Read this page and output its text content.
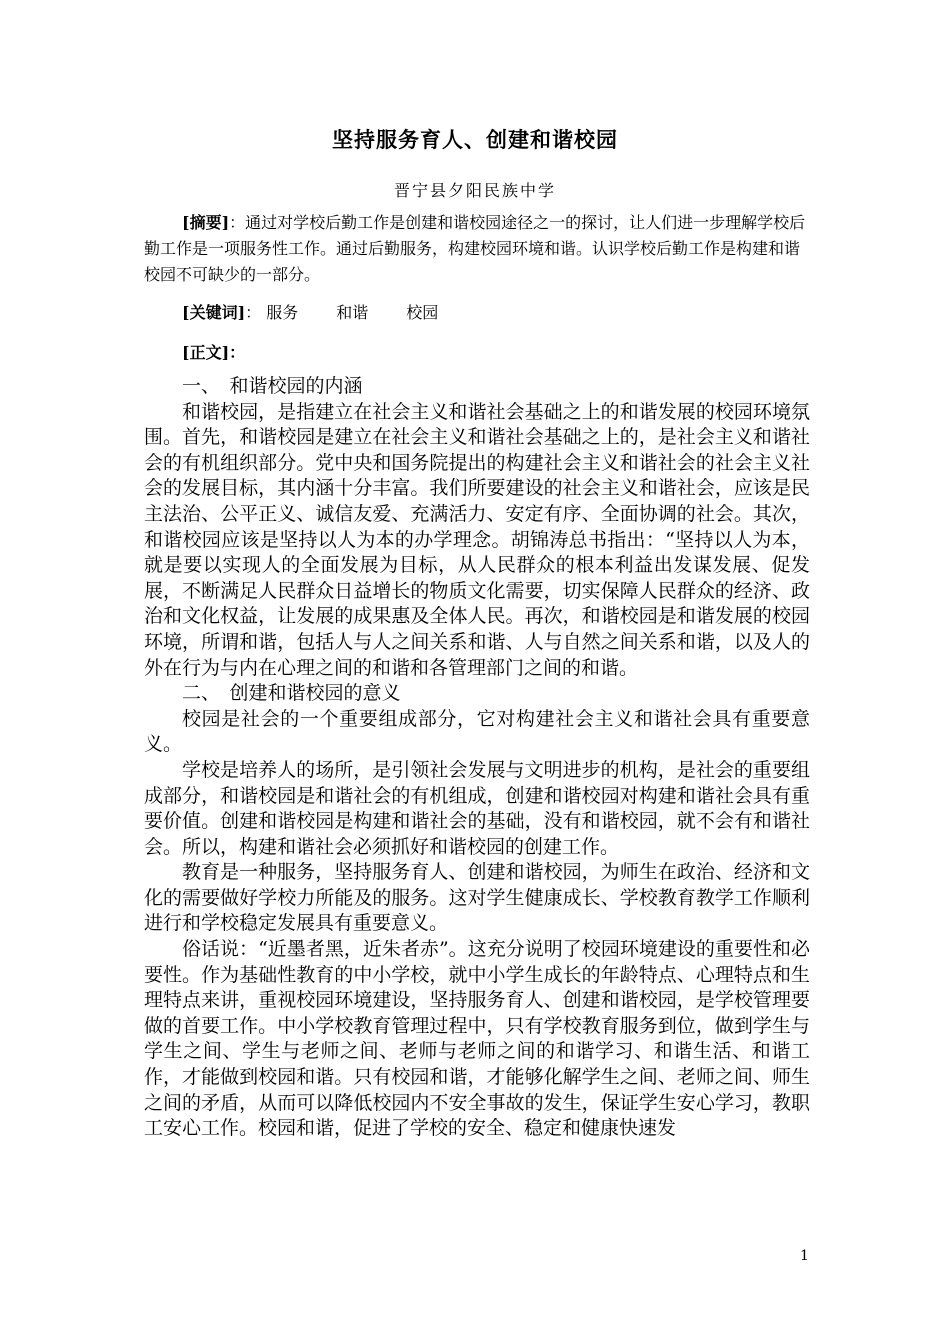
坚持服务育人、创建和谐校园
晋宁县夕阳民族中学
[摘要]：通过对学校后勤工作是创建和谐校园途径之一的探讨，让人们进一步理解学校后勤工作是一项服务性工作。通过后勤服务，构建校园环境和谐。认识学校后勤工作是构建和谐校园不可缺少的一部分。
[关键词]： 服务 和谐 校园
[正文]：

一、　和谐校园的内涵

和谐校园，是指建立在社会主义和谐社会基础之上的和谐发展的校园环境氛围。首先，和谐校园是建立在社会主义和谐社会基础之上的，是社会主义和谐社会的有机组织部分。党中央和国务院提出的构建社会主义和谐社会的社会主义社会的发展目标，其内涵十分丰富。我们所要建设的社会主义和谐社会，应该是民主法治、公平正义、诚信友爱、充满活力、安定有序、全面协调的社会。其次，和谐校园应该是坚持以人为本的办学理念。胡锦涛总书指出：“坚持以人为本，就是要以实现人的全面发展为目标，从人民群众的根本利益出发谋发展、促发展，不断满足人民群众日益增长的物质文化需要，切实保障人民群众的经济、政治和文化权益，让发展的成果惠及全体人民。再次，和谐校园是和谐发展的校园环境，所谓和谐，包括人与人之间关系和谐、人与自然之间关系和谐，以及人的外在行为与内在心理之间的和谐和各管理部门之间的和谐。

二、　创建和谐校园的意义

校园是社会的一个重要组成部分，它对构建社会主义和谐社会具有重要意义。

学校是培养人的场所，是引领社会发展与文明进步的机构，是社会的重要组成部分，和谐校园是和谐社会的有机组成，创建和谐校园对构建和谐社会具有重要价值。创建和谐校园是构建和谐社会的基础，没有和谐校园，就不会有和谐社会。所以，构建和谐社会必须抓好和谐校园的创建工作。

教育是一种服务，坚持服务育人、创建和谐校园，为师生在政治、经济和文化的需要做好学校力所能及的服务。这对学生健康成长、学校教育教学工作顺利进行和学校稳定发展具有重要意义。

俗话说：“近墨者黑，近朱者赤”。这充分说明了校园环境建设的重要性和必要性。作为基础性教育的中小学校，就中小学生成长的年龄特点、心理特点和生理特点来讲，重视校园环境建设，坚持服务育人、创建和谐校园，是学校管理要做的首要工作。中小学校教育管理过程中，只有学校教育服务到位，做到学生与学生之间、学生与老师之间、老师与老师之间的和谐学习、和谐生活、和谐工作，才能做到校园和谐。只有校园和谐，才能够化解学生之间、老师之间、师生之间的矛盾，从而可以降低校园内不安全事故的发生，保证学生安心学习，教职工安心工作。校园和谐，促进了学校的安全、稳定和健康快速发

1
